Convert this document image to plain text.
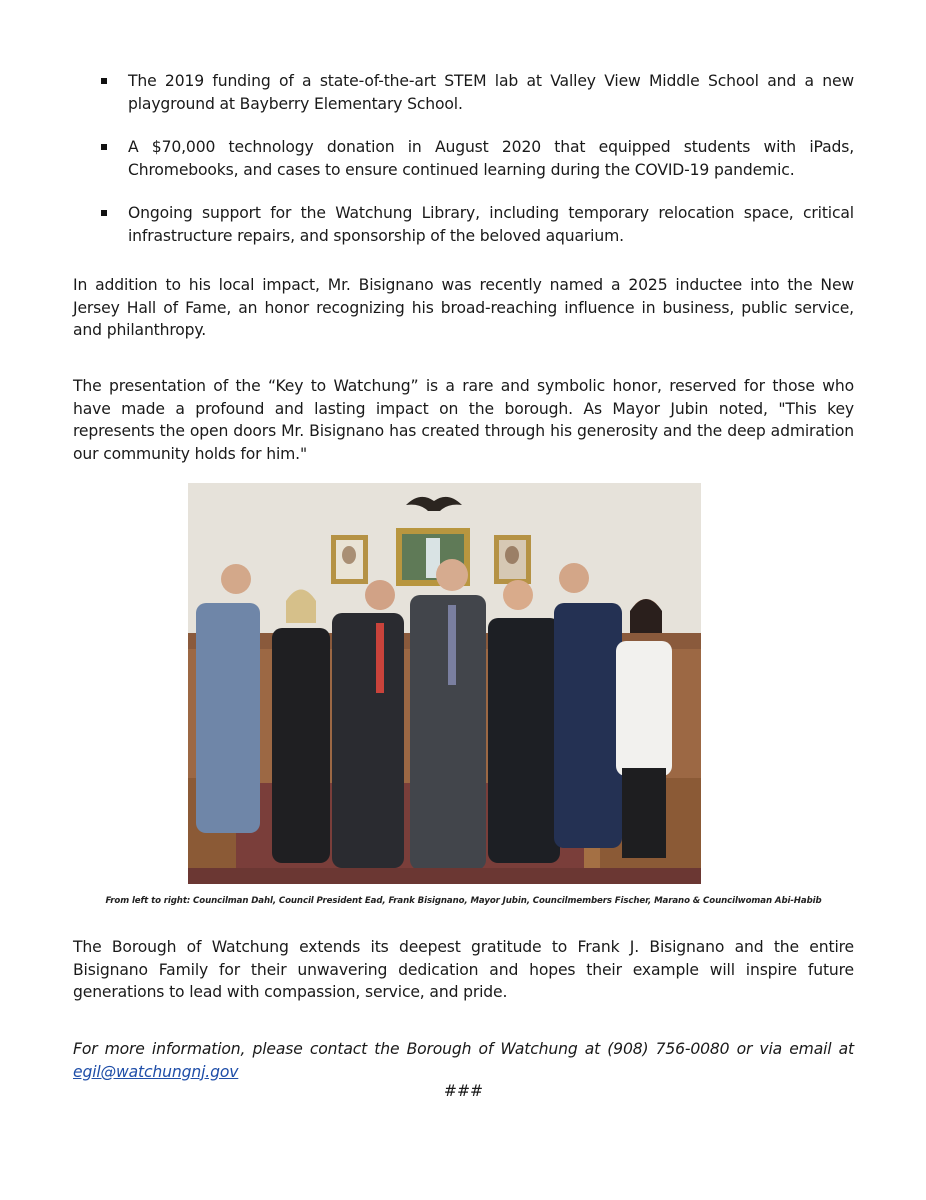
The 2019 funding of a state-of-the-art STEM lab at Valley View Middle School and a new playground at Bayberry Elementary School.
A $70,000 technology donation in August 2020 that equipped students with iPads, Chromebooks, and cases to ensure continued learning during the COVID-19 pandemic.
Ongoing support for the Watchung Library, including temporary relocation space, critical infrastructure repairs, and sponsorship of the beloved aquarium.

In addition to his local impact, Mr. Bisignano was recently named a 2025 inductee into the New Jersey Hall of Fame, an honor recognizing his broad-reaching influence in business, public service, and philanthropy.

The presentation of the “Key to Watchung” is a rare and symbolic honor, reserved for those who have made a profound and lasting impact on the borough. As Mayor Jubin noted, "This key represents the open doors Mr. Bisignano has created through his generosity and the deep admiration our community holds for him."

From left to right: Councilman Dahl, Council President Ead, Frank Bisignano, Mayor Jubin, Councilmembers Fischer, Marano & Councilwoman Abi-Habib

The Borough of Watchung extends its deepest gratitude to Frank J. Bisignano and the entire Bisignano Family for their unwavering dedication and hopes their example will inspire future generations to lead with compassion, service, and pride.

For more information, please contact the Borough of Watchung at (908) 756-0080 or via email at egil@watchungnj.gov

###
